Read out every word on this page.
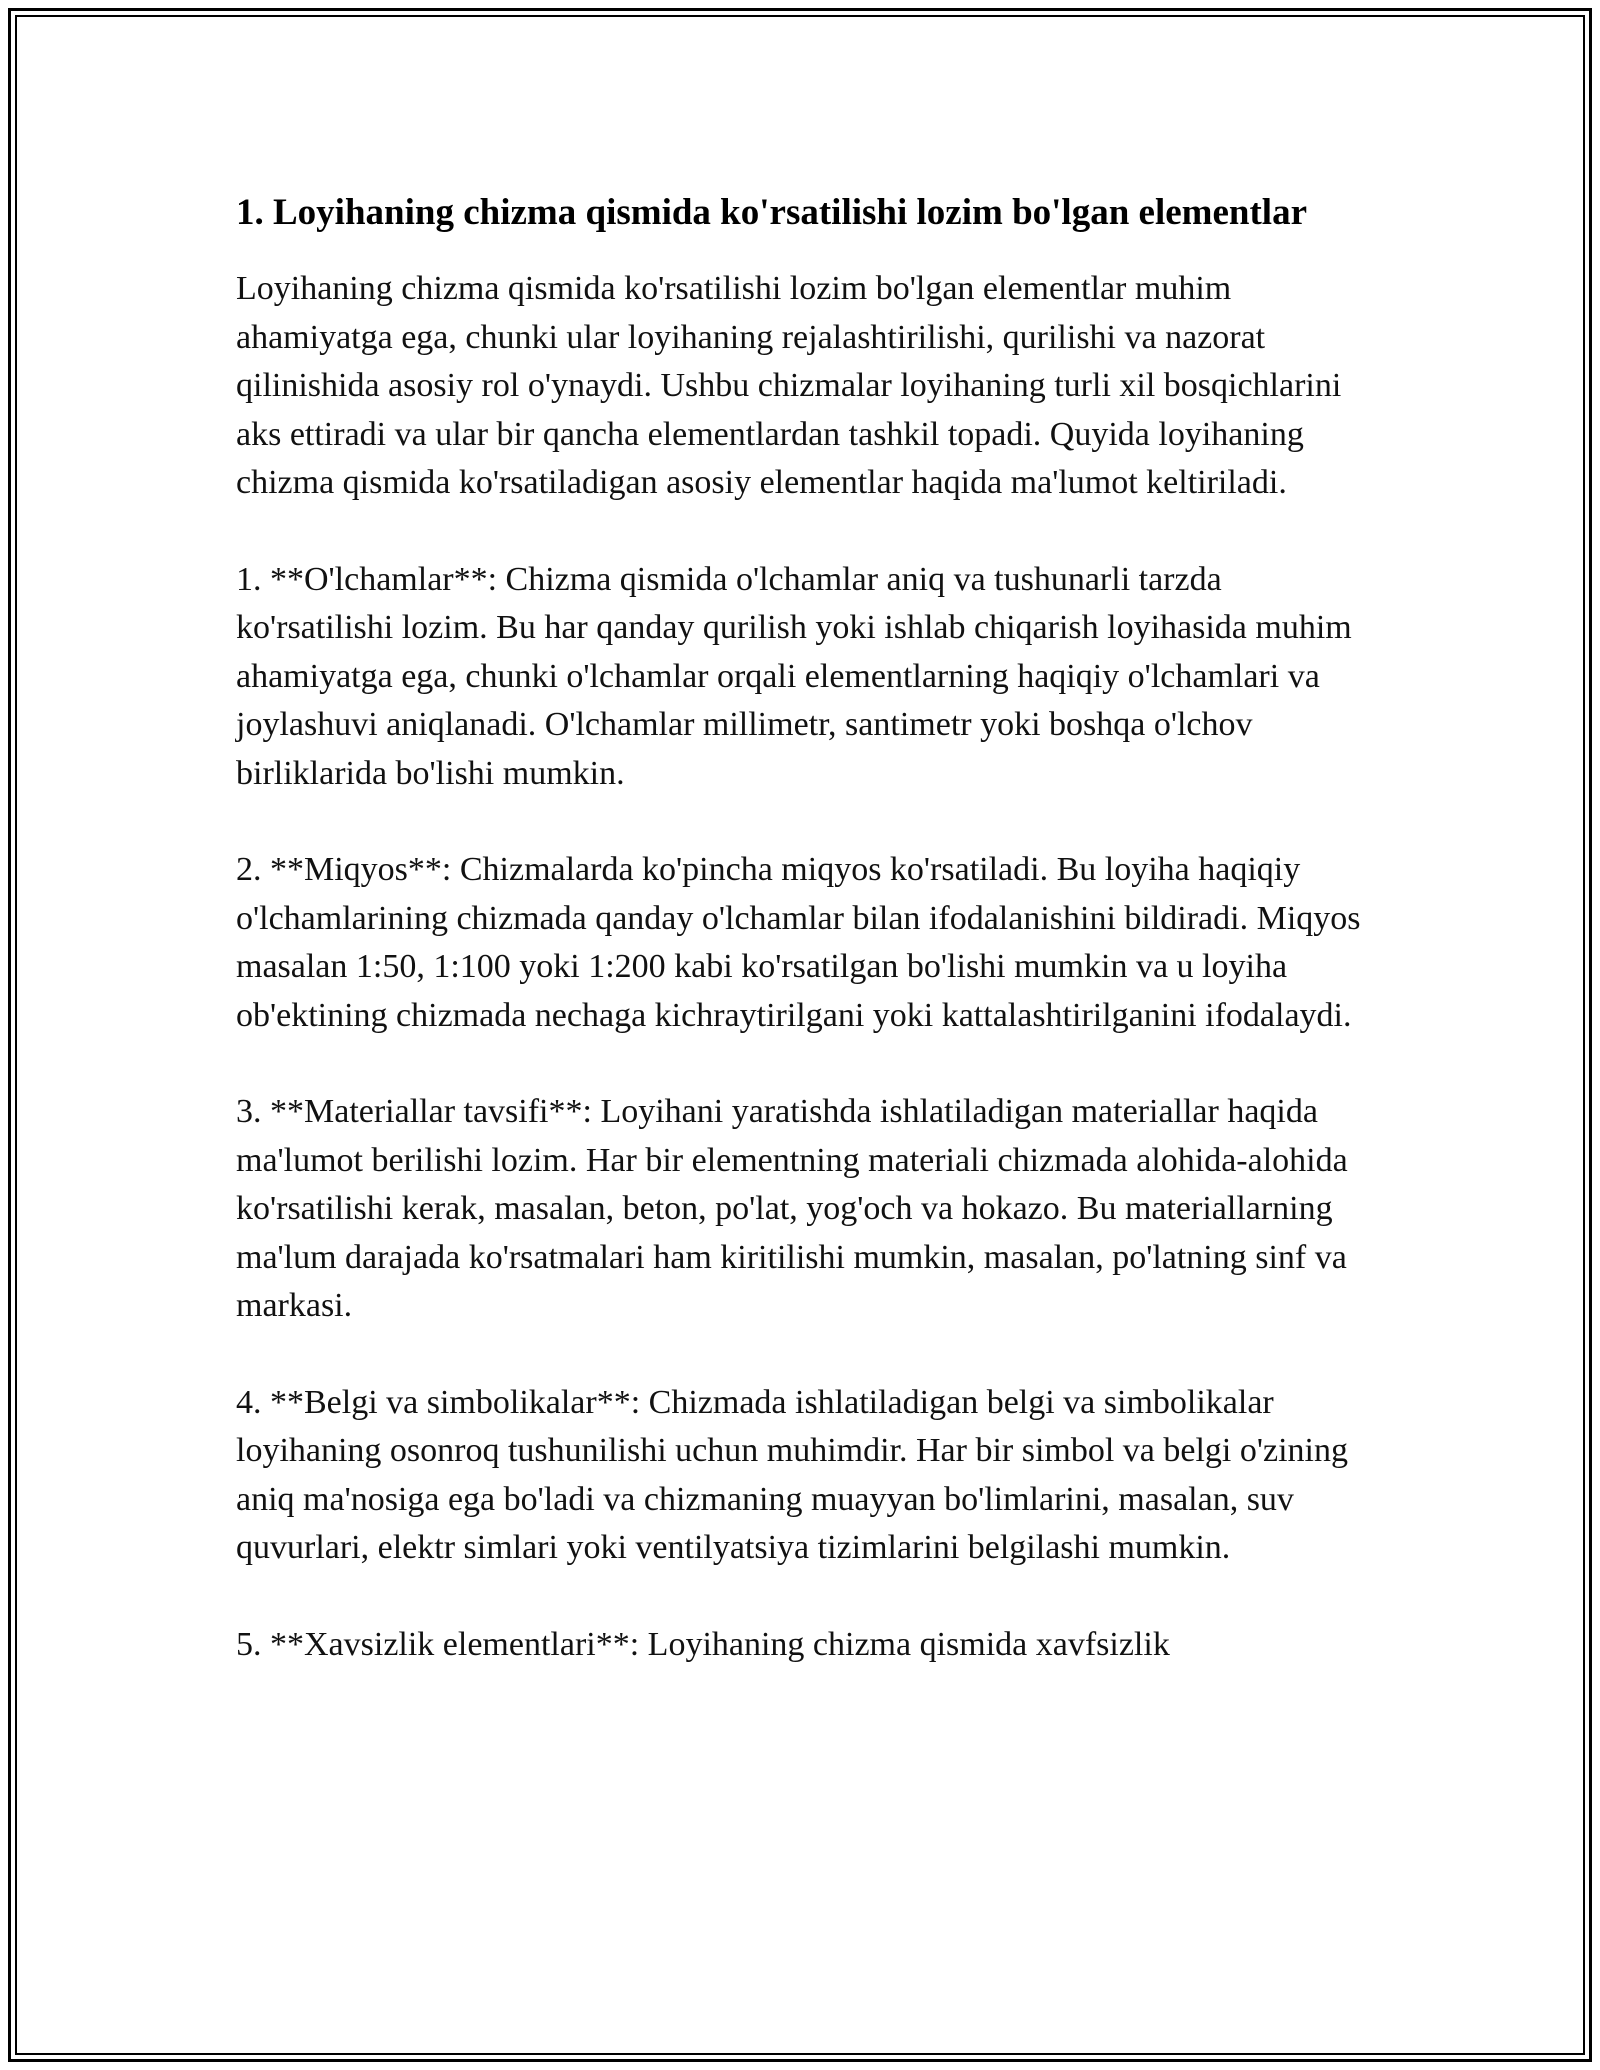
1. Loyihaning chizma qismida ko'rsatilishi lozim bo'lgan elementlar

Loyihaning chizma qismida ko'rsatilishi lozim bo'lgan elementlar muhim ahamiyatga ega, chunki ular loyihaning rejalashtirilishi, qurilishi va nazorat qilinishida asosiy rol o'ynaydi. Ushbu chizmalar loyihaning turli xil bosqichlarini aks ettiradi va ular bir qancha elementlardan tashkil topadi. Quyida loyihaning chizma qismida ko'rsatiladigan asosiy elementlar haqida ma'lumot keltiriladi.

1. **O'lchamlar**: Chizma qismida o'lchamlar aniq va tushunarli tarzda ko'rsatilishi lozim. Bu har qanday qurilish yoki ishlab chiqarish loyihasida muhim ahamiyatga ega, chunki o'lchamlar orqali elementlarning haqiqiy o'lchamlari va joylashuvi aniqlanadi. O'lchamlar millimetr, santimetr yoki boshqa o'lchov birliklarida bo'lishi mumkin.

2. **Miqyos**: Chizmalarda ko'pincha miqyos ko'rsatiladi. Bu loyiha haqiqiy o'lchamlarining chizmada qanday o'lchamlar bilan ifodalanishini bildiradi. Miqyos masalan 1:50, 1:100 yoki 1:200 kabi ko'rsatilgan bo'lishi mumkin va u loyiha ob'ektining chizmada nechaga kichraytirilgani yoki kattalashtirilganini ifodalaydi.

3. **Materiallar tavsifi**: Loyihani yaratishda ishlatiladigan materiallar haqida ma'lumot berilishi lozim. Har bir elementning materiali chizmada alohida-alohida ko'rsatilishi kerak, masalan, beton, po'lat, yog'och va hokazo. Bu materiallarning ma'lum darajada ko'rsatmalari ham kiritilishi mumkin, masalan, po'latning sinf va markasi.

4. **Belgi va simbolikalar**: Chizmada ishlatiladigan belgi va simbolikalar loyihaning osonroq tushunilishi uchun muhimdir. Har bir simbol va belgi o'zining aniq ma'nosiga ega bo'ladi va chizmaning muayyan bo'limlarini, masalan, suv quvurlari, elektr simlari yoki ventilyatsiya tizimlarini belgilashi mumkin.

5. **Xavsizlik elementlari**: Loyihaning chizma qismida xavfsizlik
